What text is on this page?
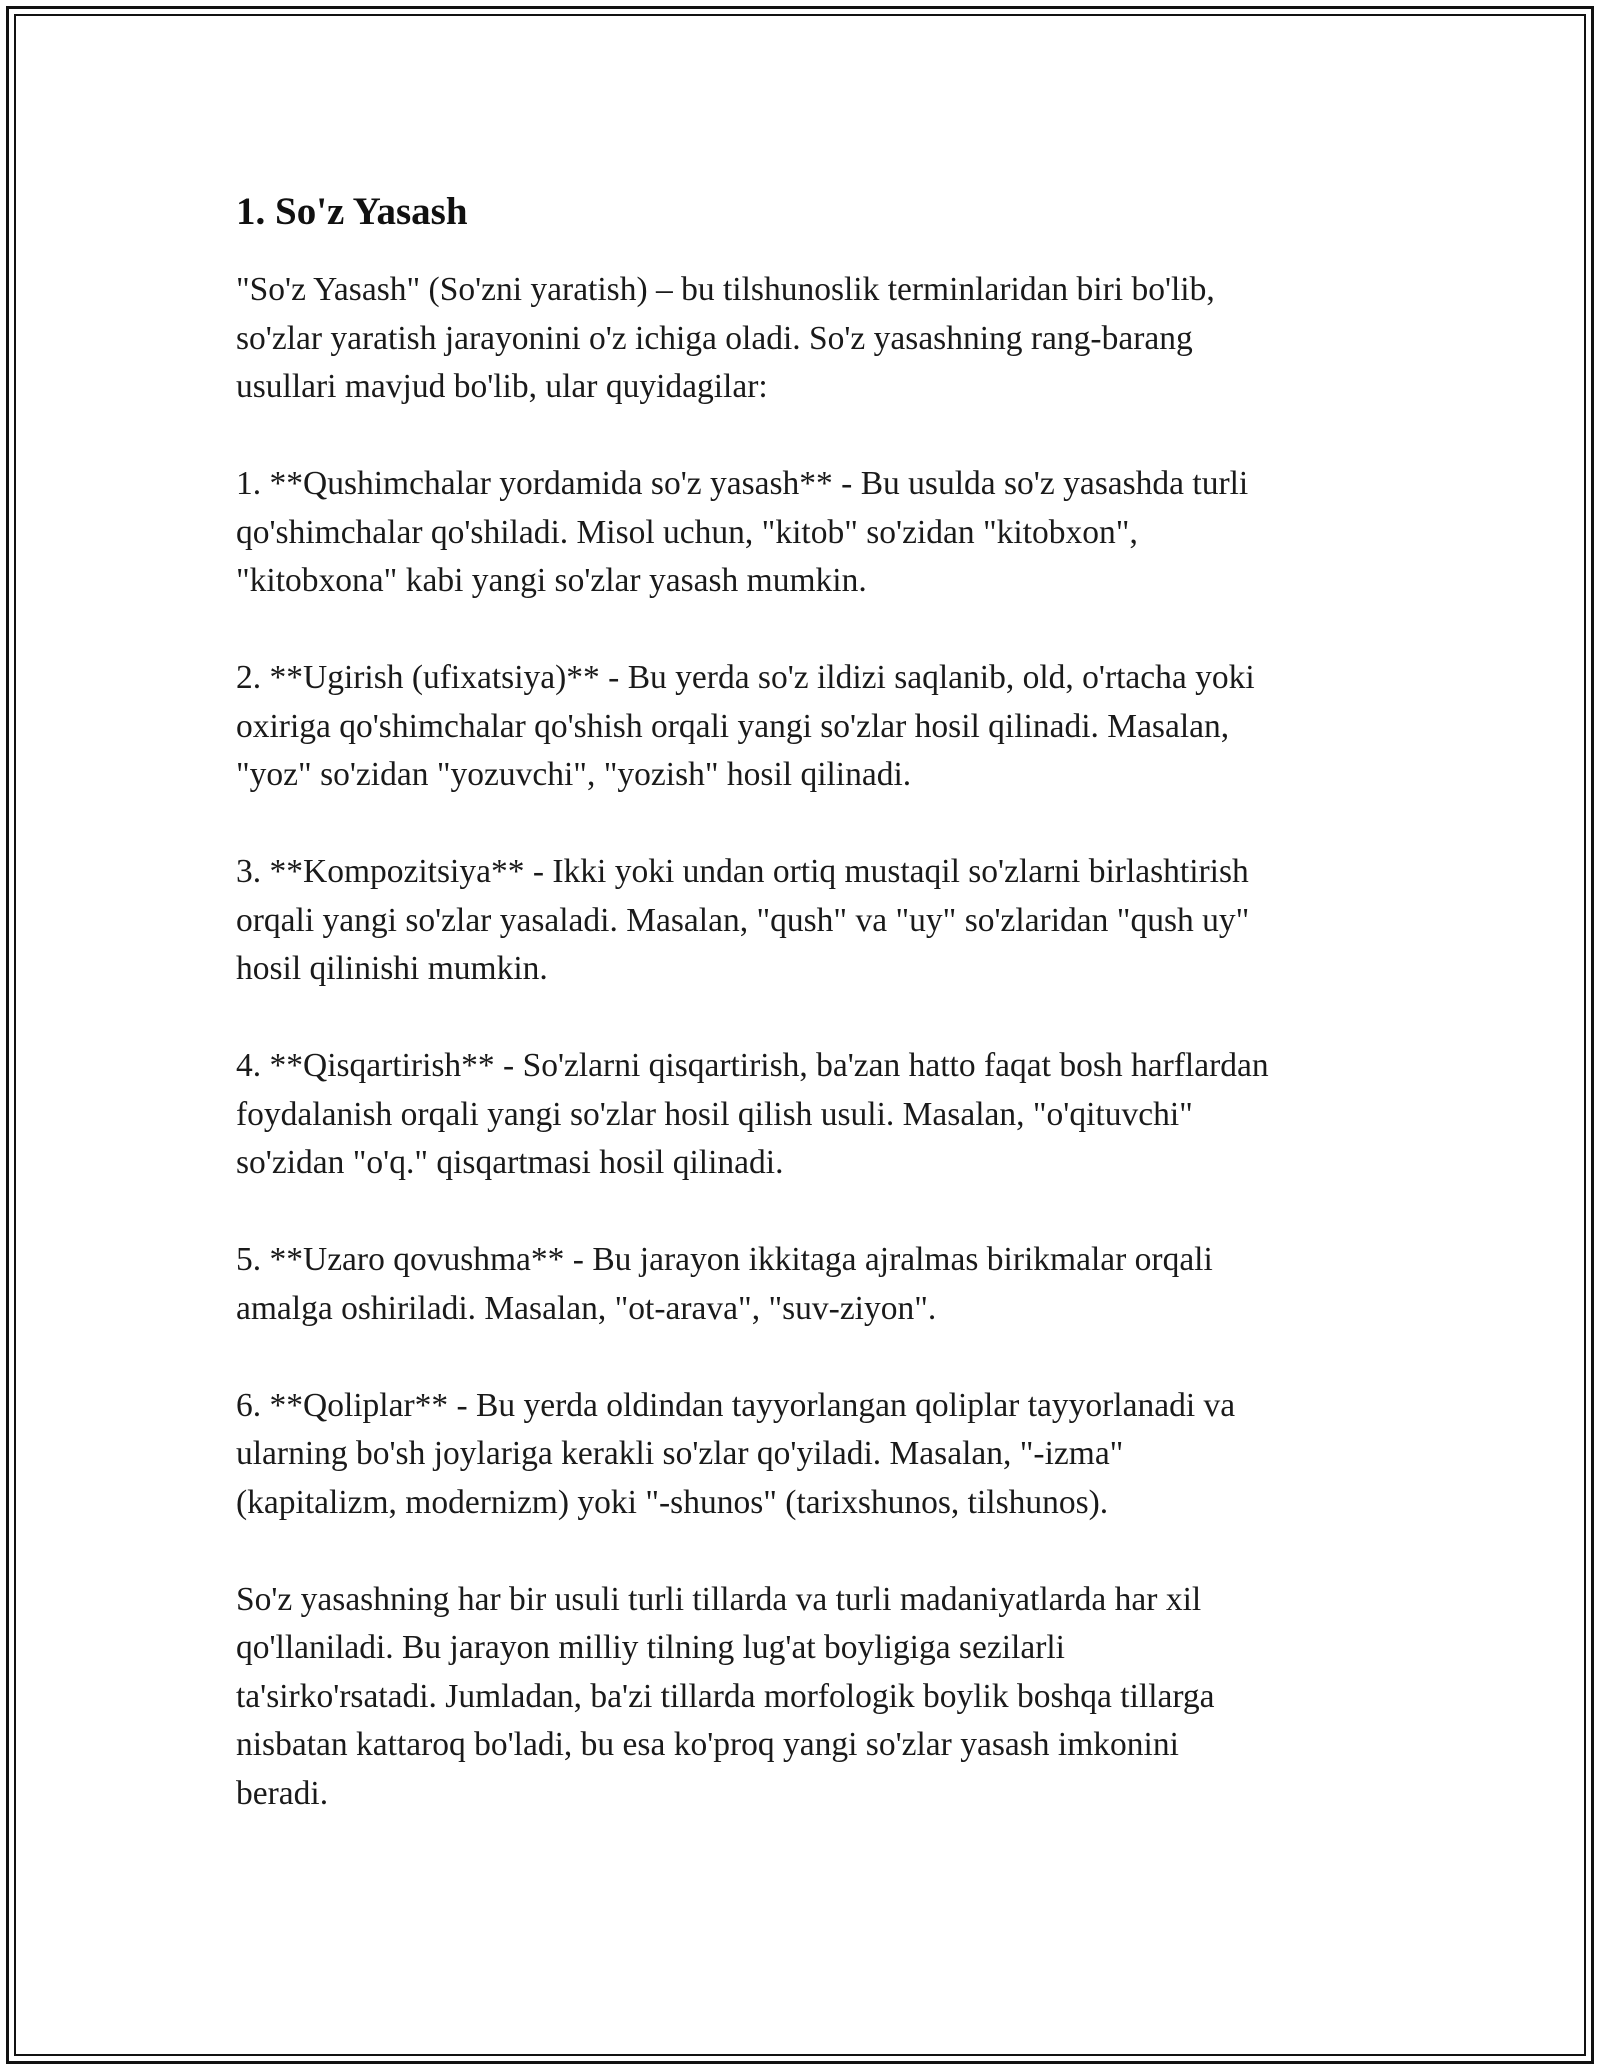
1. So'z Yasash

"So'z Yasash" (So'zni yaratish) – bu tilshunoslik terminlaridan biri bo'lib,
so'zlar yaratish jarayonini o'z ichiga oladi. So'z yasashning rang-barang
usullari mavjud bo'lib, ular quyidagilar:

1. **Qushimchalar yordamida so'z yasash** - Bu usulda so'z yasashda turli
qo'shimchalar qo'shiladi. Misol uchun, "kitob" so'zidan "kitobxon",
"kitobxona" kabi yangi so'zlar yasash mumkin.

2. **Ugirish (ufixatsiya)** - Bu yerda so'z ildizi saqlanib, old, o'rtacha yoki
oxiriga qo'shimchalar qo'shish orqali yangi so'zlar hosil qilinadi. Masalan,
"yoz" so'zidan "yozuvchi", "yozish" hosil qilinadi.

3. **Kompozitsiya** - Ikki yoki undan ortiq mustaqil so'zlarni birlashtirish
orqali yangi so'zlar yasaladi. Masalan, "qush" va "uy" so'zlaridan "qush uy"
hosil qilinishi mumkin.

4. **Qisqartirish** - So'zlarni qisqartirish, ba'zan hatto faqat bosh harflardan
foydalanish orqali yangi so'zlar hosil qilish usuli. Masalan, "o'qituvchi"
so'zidan "o'q." qisqartmasi hosil qilinadi.

5. **Uzaro qovushma** - Bu jarayon ikkitaga ajralmas birikmalar orqali
amalga oshiriladi. Masalan, "ot-arava", "suv-ziyon".

6. **Qoliplar** - Bu yerda oldindan tayyorlangan qoliplar tayyorlanadi va
ularning bo'sh joylariga kerakli so'zlar qo'yiladi. Masalan, "-izma"
(kapitalizm, modernizm) yoki "-shunos" (tarixshunos, tilshunos).

So'z yasashning har bir usuli turli tillarda va turli madaniyatlarda har xil
qo'llaniladi. Bu jarayon milliy tilning lug'at boyligiga sezilarli
ta'sirko'rsatadi. Jumladan, ba'zi tillarda morfologik boylik boshqa tillarga
nisbatan kattaroq bo'ladi, bu esa ko'proq yangi so'zlar yasash imkonini
beradi.
